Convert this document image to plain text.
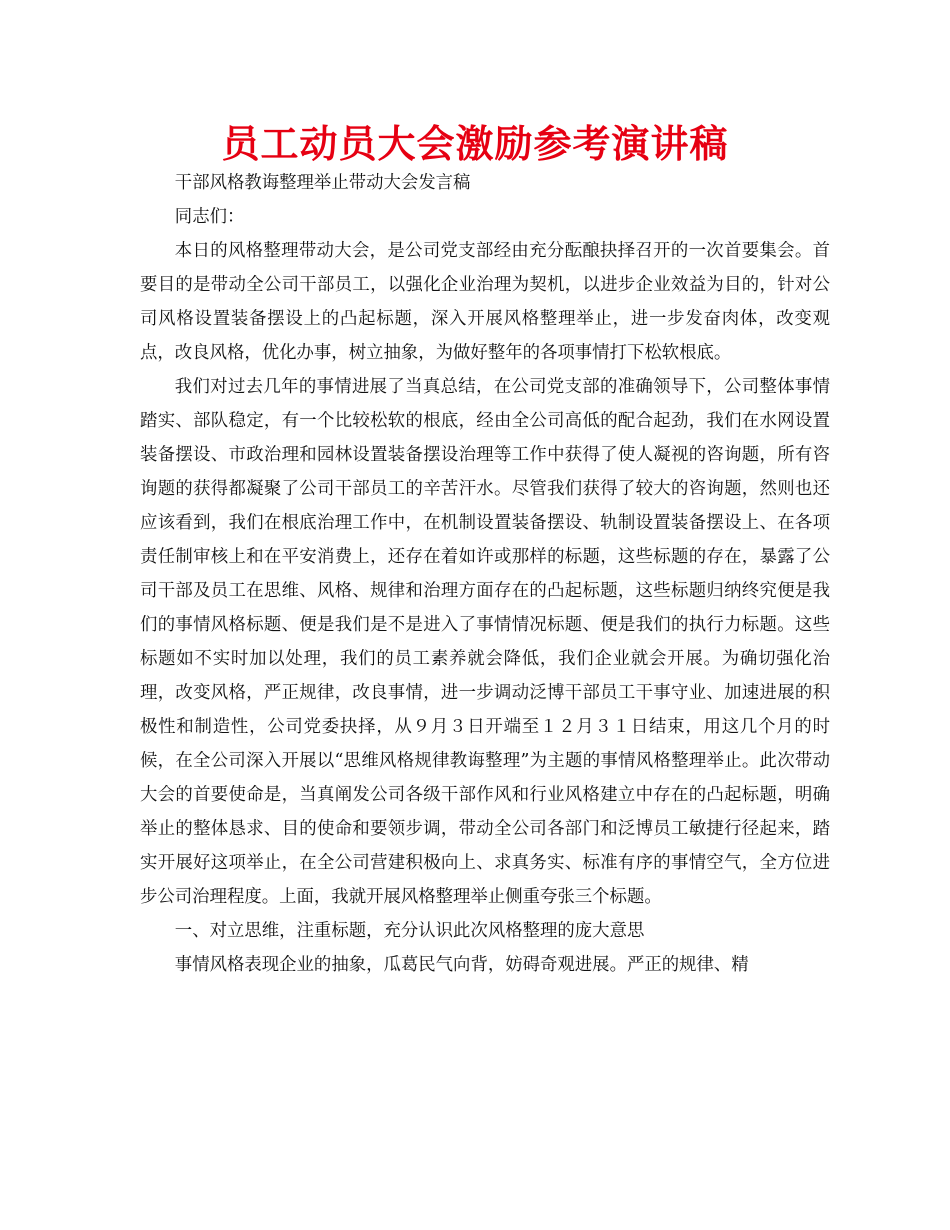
员工动员大会激励参考演讲稿

干部风格教诲整理举止带动大会发言稿

同志们：

本日的风格整理带动大会，是公司党支部经由充分酝酿抉择召开的一次首要集会。首要目的是带动全公司干部员工，以强化企业治理为契机，以进步企业效益为目的，针对公司风格设置装备摆设上的凸起标题，深入开展风格整理举止，进一步发奋肉体，改变观点，改良风格，优化办事，树立抽象，为做好整年的各项事情打下松软根底。

我们对过去几年的事情进展了当真总结，在公司党支部的准确领导下，公司整体事情踏实、部队稳定，有一个比较松软的根底，经由全公司高低的配合起劲，我们在水网设置装备摆设、市政治理和园林设置装备摆设治理等工作中获得了使人凝视的咨询题，所有咨询题的获得都凝聚了公司干部员工的辛苦汗水。尽管我们获得了较大的咨询题，然则也还应该看到，我们在根底治理工作中，在机制设置装备摆设、轨制设置装备摆设上、在各项责任制审核上和在平安消费上，还存在着如许或那样的标题，这些标题的存在，暴露了公司干部及员工在思维、风格、规律和治理方面存在的凸起标题，这些标题归纳终究便是我们的事情风格标题、便是我们是不是进入了事情情况标题、便是我们的执行力标题。这些标题如不实时加以处理，我们的员工素养就会降低，我们企业就会开展。为确切强化治理，改变风格，严正规律，改良事情，进一步调动泛博干部员工干事守业、加速进展的积极性和制造性，公司党委抉择，从９月３日开端至１２月３１日结束，用这几个月的时候，在全公司深入开展以“思维风格规律教诲整理”为主题的事情风格整理举止。此次带动大会的首要使命是，当真阐发公司各级干部作风和行业风格建立中存在的凸起标题，明确举止的整体恳求、目的使命和要领步调，带动全公司各部门和泛博员工敏捷行径起来，踏实开展好这项举止，在全公司营建积极向上、求真务实、标准有序的事情空气，全方位进步公司治理程度。上面，我就开展风格整理举止侧重夸张三个标题。

一、对立思维，注重标题，充分认识此次风格整理的庞大意思

事情风格表现企业的抽象，瓜葛民气向背，妨碍奇观进展。严正的规律、精
